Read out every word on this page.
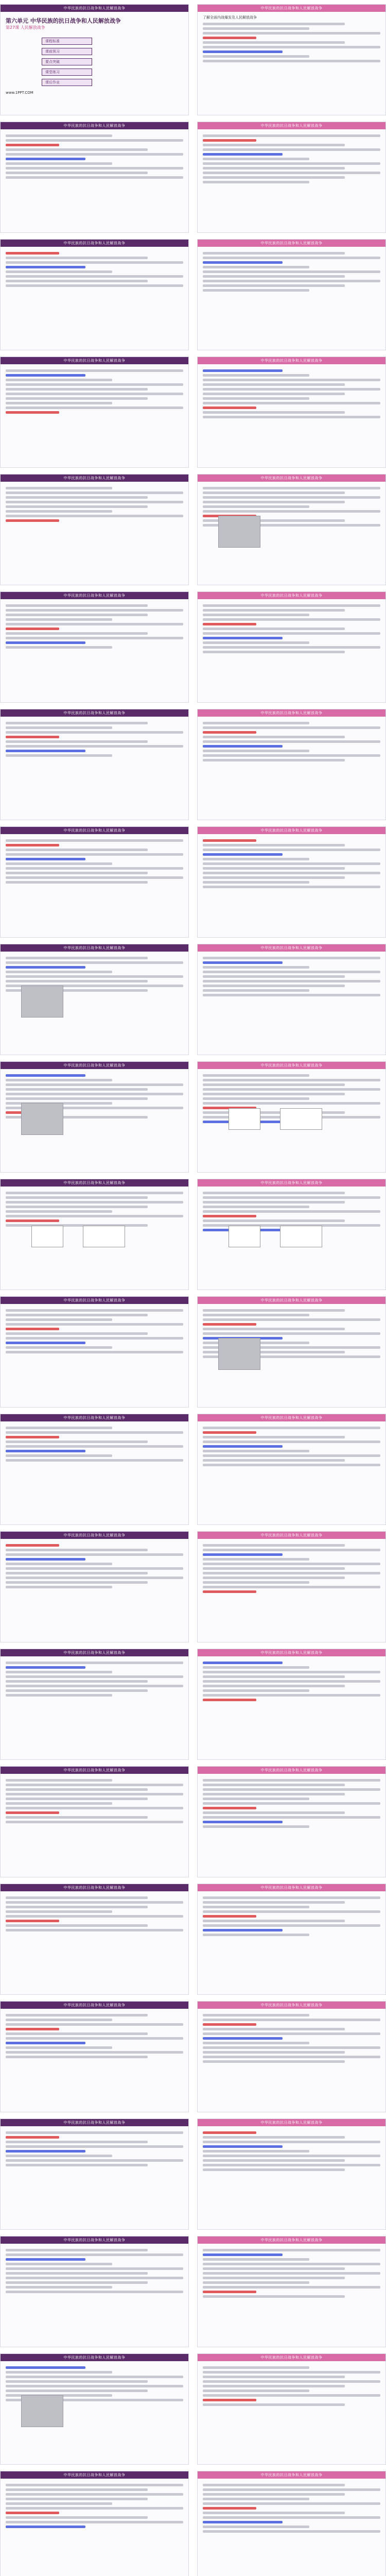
中华民族的抗日战争和人民解放战争
第六单元 中华民族的抗日战争和人民解放战争
第27课 人民解放战争
课程标准
课前预习
要点突破
课堂练习
课后作业
www.1PPT.COM
中华民族的抗日战争和人民解放战争
了解全面内战爆发及人民解放战争
中华民族的抗日战争和人民解放战争	中华民族的抗日战争和人民解放战争
中华民族的抗日战争和人民解放战争	中华民族的抗日战争和人民解放战争
中华民族的抗日战争和人民解放战争	中华民族的抗日战争和人民解放战争
中华民族的抗日战争和人民解放战争	中华民族的抗日战争和人民解放战争
中华民族的抗日战争和人民解放战争	中华民族的抗日战争和人民解放战争
中华民族的抗日战争和人民解放战争	中华民族的抗日战争和人民解放战争
中华民族的抗日战争和人民解放战争	中华民族的抗日战争和人民解放战争
中华民族的抗日战争和人民解放战争	中华民族的抗日战争和人民解放战争
中华民族的抗日战争和人民解放战争	中华民族的抗日战争和人民解放战争
中华民族的抗日战争和人民解放战争	中华民族的抗日战争和人民解放战争
中华民族的抗日战争和人民解放战争	中华民族的抗日战争和人民解放战争
中华民族的抗日战争和人民解放战争	中华民族的抗日战争和人民解放战争
中华民族的抗日战争和人民解放战争	中华民族的抗日战争和人民解放战争
中华民族的抗日战争和人民解放战争	中华民族的抗日战争和人民解放战争
中华民族的抗日战争和人民解放战争	中华民族的抗日战争和人民解放战争
中华民族的抗日战争和人民解放战争	中华民族的抗日战争和人民解放战争
中华民族的抗日战争和人民解放战争	中华民族的抗日战争和人民解放战争
中华民族的抗日战争和人民解放战争	中华民族的抗日战争和人民解放战争
中华民族的抗日战争和人民解放战争	中华民族的抗日战争和人民解放战争
中华民族的抗日战争和人民解放战争	中华民族的抗日战争和人民解放战争
中华民族的抗日战争和人民解放战争	中华民族的抗日战争和人民解放战争
